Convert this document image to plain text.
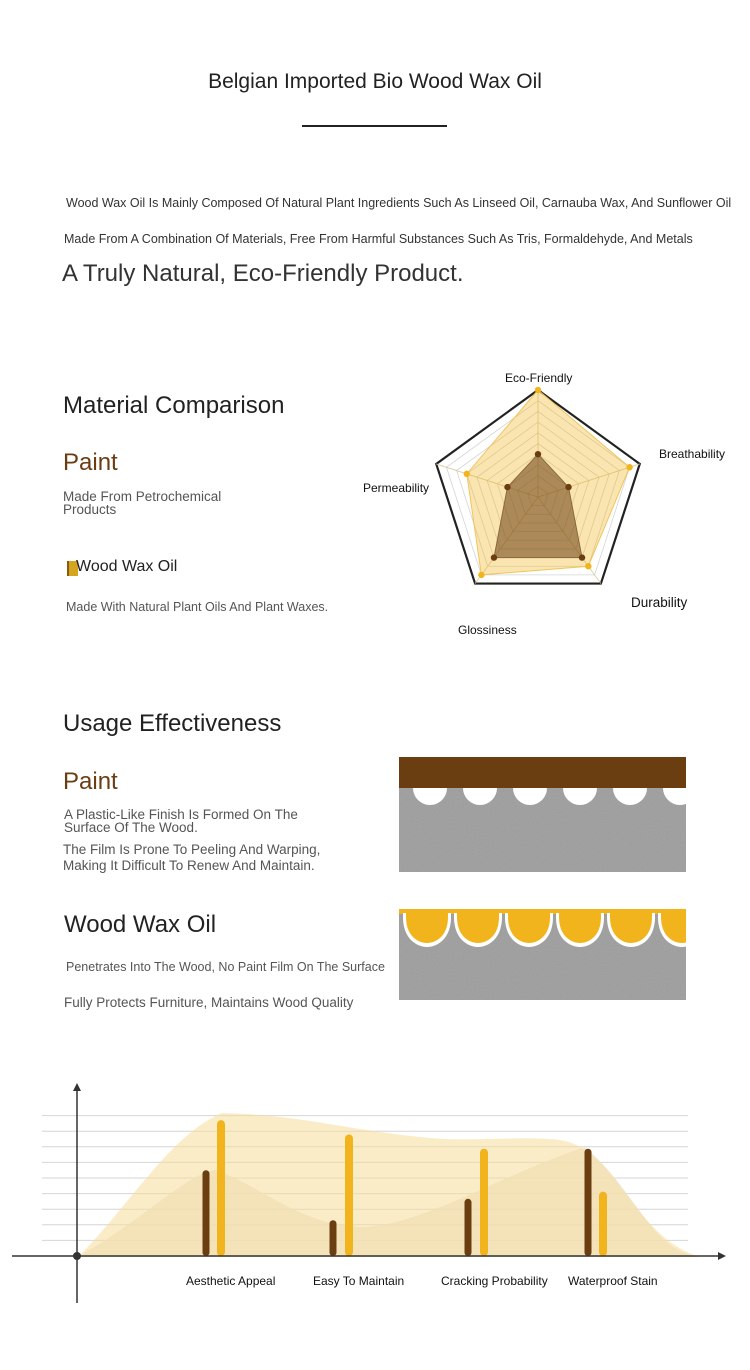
Belgian Imported Bio Wood Wax Oil
Wood Wax Oil Is Mainly Composed Of Natural Plant Ingredients Such As Linseed Oil, Carnauba Wax, And Sunflower Oil
Made From A Combination Of Materials, Free From Harmful Substances Such As Tris, Formaldehyde, And Metals
A Truly Natural, Eco-Friendly Product.
Material Comparison
Paint
Made From Petrochemical Products
Wood Wax Oil
Made With Natural Plant Oils And Plant Waxes.
Eco-Friendly
Breathability
Durability
Glossiness
Permeability
Usage Effectiveness
Paint
A Plastic-Like Finish Is Formed On The Surface Of The Wood.
The Film Is Prone To Peeling And Warping, Making It Difficult To Renew And Maintain.
Wood Wax Oil
Penetrates Into The Wood, No Paint Film On The Surface
Fully Protects Furniture, Maintains Wood Quality
Aesthetic Appeal	Easy To Maintain	Cracking Probability Waterproof Stain
